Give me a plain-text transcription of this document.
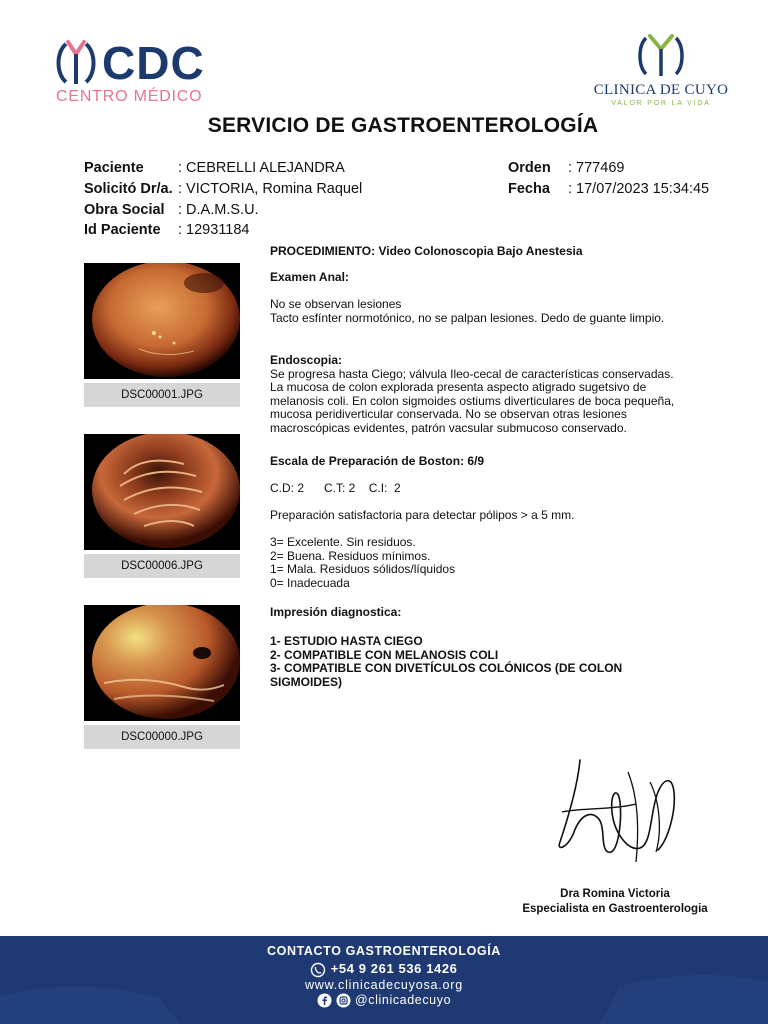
CDC
CENTRO MÉDICO	CLINICA DE CUYO
VALOR POR LA VIDA
SERVICIO DE GASTROENTEROLOGÍA
Paciente : CEBRELLI ALEJANDRA
Solicitó Dr/a. : VICTORIA, Romina Raquel
Obra Social : D.A.M.S.U.
Id Paciente : 12931184
Orden : 777469
Fecha : 17/07/2023 15:34:45
DSC00001.JPG
DSC00006.JPG
DSC00000.JPG

PROCEDIMIENTO: Video Colonoscopia Bajo Anestesia

Examen Anal:

No se observan lesiones

Tacto esfínter normotónico, no se palpan lesiones. Dedo de guante limpio.

Endoscopia:

Se progresa hasta Ciego; válvula Ileo-cecal de características conservadas.

La mucosa de colon explorada presenta aspecto atigrado sugetsivo de

melanosis coli. En colon sigmoides ostiums diverticulares de boca pequeña,

mucosa peridiverticular conservada. No se observan otras lesiones

macroscópicas evidentes, patrón vacsular submucoso conservado.

Escala de Preparación de Boston: 6/9

C.D: 2      C.T: 2    C.I:  2
Preparación satisfactoria para detectar pólipos > a 5 mm.

3= Excelente. Sin residuos.

2= Buena. Residuos mínimos.

1= Mala. Residuos sólidos/líquidos

0= Inadecuada

Impresión diagnostica:

1- ESTUDIO HASTA CIEGO

2- COMPATIBLE CON MELANOSIS COLI

3- COMPATIBLE CON DIVETÍCULOS COLÓNICOS (DE COLON

SIGMOIDES)

Dra Romina Victoria
Especialista en Gastroenterologia
CONTACTO GASTROENTEROLOGÍA
+54 9 261 536 1426
www.clinicadecuyosa.org
@clinicadecuyo
